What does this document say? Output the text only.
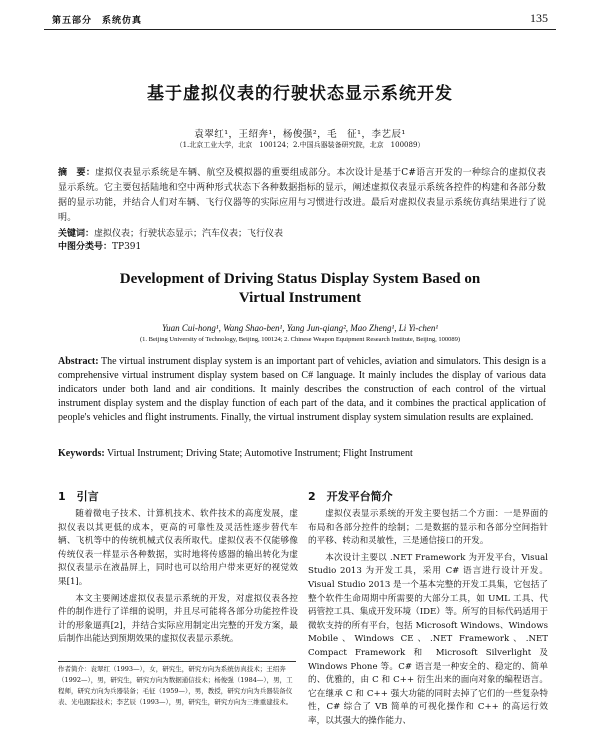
第五部分　系统仿真	135
基于虚拟仪表的行驶状态显示系统开发
袁翠红¹，王绍奔¹，杨俊强²，毛　征¹，李艺辰¹
（1.北京工业大学，北京　100124；2.中国兵器装备研究院，北京　100089）
摘　要：虚拟仪表显示系统是车辆、航空及模拟器的重要组成部分。本次设计是基于C#语言开发的一种综合的虚拟仪表显示系统。它主要包括陆地和空中两种形式状态下各种数据指标的显示，阐述虚拟仪表显示系统各控件的构建和各部分数据的显示功能，并结合人们对车辆、飞行仪器等的实际应用与习惯进行改进。最后对虚拟仪表显示系统仿真结果进行了说明。
关键词：虚拟仪表；行驶状态显示；汽车仪表；飞行仪表
中图分类号：TP391
Development of Driving Status Display System Based on
Virtual Instrument
Yuan Cui-hong¹, Wang Shao-ben¹, Yang Jun-qiang², Mao Zheng¹, Li Yi-chen¹
(1. Beijing University of Technology, Beijing, 100124; 2. Chinese Weapon Equipment Research Institute, Beijing, 100089)
Abstract: The virtual instrument display system is an important part of vehicles, aviation and simulators. This design is a comprehensive virtual instrument display system based on C# language. It mainly includes the display of various data indicators under both land and air conditions. It mainly describes the construction of each control of the virtual instrument display system and the display function of each part of the data, and it combines the practical application of people's vehicles and flight instruments. Finally, the virtual instrument display system simulation results are explained.
Keywords: Virtual Instrument; Driving State; Automotive Instrument; Flight Instrument
1　引言	2　开发平台简介

随着微电子技术、计算机技术、软件技术的高度发展，虚拟仪表以其更低的成本，更高的可靠性及灵活性逐步替代车辆、飞机等中的传统机械式仪表所取代。虚拟仪表不仅能够像传统仪表一样显示各种数据，实时地将传感器的输出转化为虚拟仪表显示在液晶屏上，同时也可以给用户带来更好的视觉效果[1]。

本文主要阐述虚拟仪表显示系统的开发，对虚拟仪表各控件的制作进行了详细的说明，并且尽可能将各部分功能控件设计的形象逼真[2]，并结合实际应用制定出完整的开发方案，最后制作出能达到预期效果的虚拟仪表显示系统。

虚拟仪表显示系统的开发主要包括二个方面：一是界面的布局和各部分控件的绘制；二是数据的显示和各部分空间指针的平移、转动和灵敏性，三是通信接口的开发。

本次设计主要以 .NET Framework 为开发平台，Visual Studio 2013 为开发工具，采用 C# 语言进行设计开发。Visual Studio 2013 是一个基本完整的开发工具集，它包括了整个软件生命周期中所需要的大部分工具，如 UML 工具、代码管控工具、集成开发环境（IDE）等。所写的目标代码适用于微软支持的所有平台，包括 Microsoft Windows、Windows Mobile、Windows CE、.NET Framework、.NET Compact Framework 和 Microsoft Silverlight 及 Windows Phone 等。C# 语言是一种安全的、稳定的、简单的、优雅的，由 C 和 C++ 衍生出来的面向对象的编程语言。它在继承 C 和 C++ 强大功能的同时去掉了它们的一些复杂特性，C# 综合了 VB 简单的可视化操作和 C++ 的高运行效率，以其强大的操作能力、

作者简介：袁翠红（1993—），女，研究生，研究方向为系统仿真技术；王绍奔（1992—），男，研究生，研究方向为数据通信技术；杨俊强（1984—），男，工程师，研究方向为兵器装备；毛征（1959—），男，教授，研究方向为兵器装备仪表、光电跟踪技术；李艺辰（1993—），男，研究生，研究方向为三维重建技术。
